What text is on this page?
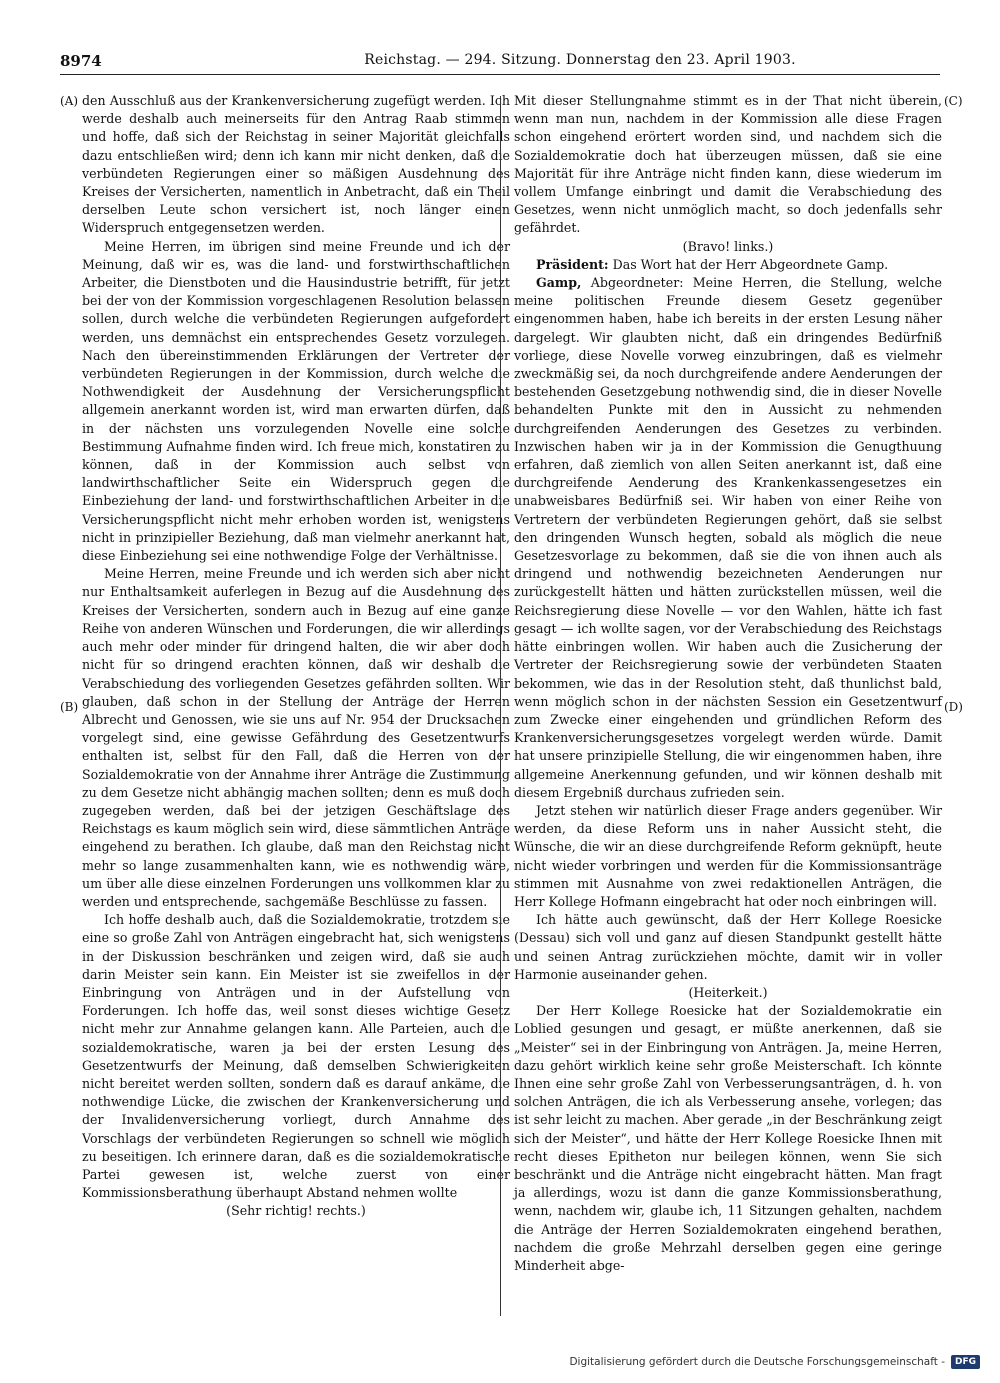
8974	Reichstag. — 294. Sitzung. Donnerstag den 23. April 1903.
(A)
(B)
(C)
(D)

den Ausschluß aus der Krankenversicherung zugefügt werden. Ich werde deshalb auch meinerseits für den Antrag Raab stimmen und hoffe, daß sich der Reichstag in seiner Majorität gleichfalls dazu entschließen wird; denn ich kann mir nicht denken, daß die verbündeten Regierungen einer so mäßigen Ausdehnung des Kreises der Versicherten, namentlich in Anbetracht, daß ein Theil derselben Leute schon versichert ist, noch länger einen Widerspruch entgegensetzen werden.

Meine Herren, im übrigen sind meine Freunde und ich der Meinung, daß wir es, was die land- und forstwirthschaftlichen Arbeiter, die Dienstboten und die Hausindustrie betrifft, für jetzt bei der von der Kommission vorgeschlagenen Resolution belassen sollen, durch welche die verbündeten Regierungen aufgefordert werden, uns demnächst ein entsprechendes Gesetz vorzulegen. Nach den übereinstimmenden Erklärungen der Vertreter der verbündeten Regierungen in der Kommission, durch welche die Nothwendigkeit der Ausdehnung der Versicherungspflicht allgemein anerkannt worden ist, wird man erwarten dürfen, daß in der nächsten uns vorzulegenden Novelle eine solche Bestimmung Aufnahme finden wird. Ich freue mich, konstatiren zu können, daß in der Kommission auch selbst von landwirthschaftlicher Seite ein Widerspruch gegen die Einbeziehung der land- und forstwirthschaftlichen Arbeiter in die Versicherungspflicht nicht mehr erhoben worden ist, wenigstens nicht in prinzipieller Beziehung, daß man vielmehr anerkannt hat, diese Einbeziehung sei eine nothwendige Folge der Verhältnisse.

Meine Herren, meine Freunde und ich werden sich aber nicht nur Enthaltsamkeit auferlegen in Bezug auf die Ausdehnung des Kreises der Versicherten, sondern auch in Bezug auf eine ganze Reihe von anderen Wünschen und Forderungen, die wir allerdings auch mehr oder minder für dringend halten, die wir aber doch nicht für so dringend erachten können, daß wir deshalb die Verabschiedung des vorliegenden Gesetzes gefährden sollten. Wir glauben, daß schon in der Stellung der Anträge der Herren Albrecht und Genossen, wie sie uns auf Nr. 954 der Drucksachen vorgelegt sind, eine gewisse Gefährdung des Gesetzentwurfs enthalten ist, selbst für den Fall, daß die Herren von der Sozialdemokratie von der Annahme ihrer Anträge die Zustimmung zu dem Gesetze nicht abhängig machen sollten; denn es muß doch zugegeben werden, daß bei der jetzigen Geschäftslage des Reichstags es kaum möglich sein wird, diese sämmtlichen Anträge eingehend zu berathen. Ich glaube, daß man den Reichstag nicht mehr so lange zusammenhalten kann, wie es nothwendig wäre, um über alle diese einzelnen Forderungen uns vollkommen klar zu werden und entsprechende, sachgemäße Beschlüsse zu fassen.

Ich hoffe deshalb auch, daß die Sozialdemokratie, trotzdem sie eine so große Zahl von Anträgen eingebracht hat, sich wenigstens in der Diskussion beschränken und zeigen wird, daß sie auch darin Meister sein kann. Ein Meister ist sie zweifellos in der Einbringung von Anträgen und in der Aufstellung von Forderungen. Ich hoffe das, weil sonst dieses wichtige Gesetz nicht mehr zur Annahme gelangen kann. Alle Parteien, auch die sozialdemokratische, waren ja bei der ersten Lesung des Gesetzentwurfs der Meinung, daß demselben Schwierigkeiten nicht bereitet werden sollten, sondern daß es darauf ankäme, die nothwendige Lücke, die zwischen der Krankenversicherung und der Invalidenversicherung vorliegt, durch Annahme des Vorschlags der verbündeten Regierungen so schnell wie möglich zu beseitigen. Ich erinnere daran, daß es die sozialdemokratische Partei gewesen ist, welche zuerst von einer Kommissionsberathung überhaupt Abstand nehmen wollte

(Sehr richtig! rechts.)

Mit dieser Stellungnahme stimmt es in der That nicht überein, wenn man nun, nachdem in der Kommission alle diese Fragen schon eingehend erörtert worden sind, und nachdem sich die Sozialdemokratie doch hat überzeugen müssen, daß sie eine Majorität für ihre Anträge nicht finden kann, diese wiederum im vollem Umfange einbringt und damit die Verabschiedung des Gesetzes, wenn nicht unmöglich macht, so doch jedenfalls sehr gefährdet.

(Bravo! links.)

Präsident: Das Wort hat der Herr Abgeordnete Gamp.

Gamp, Abgeordneter: Meine Herren, die Stellung, welche meine politischen Freunde diesem Gesetz gegenüber eingenommen haben, habe ich bereits in der ersten Lesung näher dargelegt. Wir glaubten nicht, daß ein dringendes Bedürfniß vorliege, diese Novelle vorweg einzubringen, daß es vielmehr zweckmäßig sei, da noch durchgreifende andere Aenderungen der bestehenden Gesetzgebung nothwendig sind, die in dieser Novelle behandelten Punkte mit den in Aussicht zu nehmenden durchgreifenden Aenderungen des Gesetzes zu verbinden. Inzwischen haben wir ja in der Kommission die Genugthuung erfahren, daß ziemlich von allen Seiten anerkannt ist, daß eine durchgreifende Aenderung des Krankenkassengesetzes ein unabweisbares Bedürfniß sei. Wir haben von einer Reihe von Vertretern der verbündeten Regierungen gehört, daß sie selbst den dringenden Wunsch hegten, sobald als möglich die neue Gesetzesvorlage zu bekommen, daß sie die von ihnen auch als dringend und nothwendig bezeichneten Aenderungen nur zurückgestellt hätten und hätten zurückstellen müssen, weil die Reichsregierung diese Novelle — vor den Wahlen, hätte ich fast gesagt — ich wollte sagen, vor der Verabschiedung des Reichstags hätte einbringen wollen. Wir haben auch die Zusicherung der Vertreter der Reichsregierung sowie der verbündeten Staaten bekommen, wie das in der Resolution steht, daß thunlichst bald, wenn möglich schon in der nächsten Session ein Gesetzentwurf zum Zwecke einer eingehenden und gründlichen Reform des Krankenversicherungsgesetzes vorgelegt werden würde. Damit hat unsere prinzipielle Stellung, die wir eingenommen haben, ihre allgemeine Anerkennung gefunden, und wir können deshalb mit diesem Ergebniß durchaus zufrieden sein.

Jetzt stehen wir natürlich dieser Frage anders gegenüber. Wir werden, da diese Reform uns in naher Aussicht steht, die Wünsche, die wir an diese durchgreifende Reform geknüpft, heute nicht wieder vorbringen und werden für die Kommissionsanträge stimmen mit Ausnahme von zwei redaktionellen Anträgen, die Herr Kollege Hofmann eingebracht hat oder noch einbringen will.

Ich hätte auch gewünscht, daß der Herr Kollege Roesicke (Dessau) sich voll und ganz auf diesen Standpunkt gestellt hätte und seinen Antrag zurückziehen möchte, damit wir in voller Harmonie auseinander gehen.

(Heiterkeit.)

Der Herr Kollege Roesicke hat der Sozialdemokratie ein Loblied gesungen und gesagt, er müßte anerkennen, daß sie „Meister“ sei in der Einbringung von Anträgen. Ja, meine Herren, dazu gehört wirklich keine sehr große Meisterschaft. Ich könnte Ihnen eine sehr große Zahl von Verbesserungsanträgen, d. h. von solchen Anträgen, die ich als Verbesserung ansehe, vorlegen; das ist sehr leicht zu machen. Aber gerade „in der Beschränkung zeigt sich der Meister“, und hätte der Herr Kollege Roesicke Ihnen mit recht dieses Epitheton nur beilegen können, wenn Sie sich beschränkt und die Anträge nicht eingebracht hätten. Man fragt ja allerdings, wozu ist dann die ganze Kommissionsberathung, wenn, nachdem wir, glaube ich, 11 Sitzungen gehalten, nachdem die Anträge der Herren Sozialdemokraten eingehend berathen, nachdem die große Mehrzahl derselben gegen eine geringe Minderheit abge-

Digitalisierung gefördert durch die Deutsche Forschungsgemeinschaft -	DFG
